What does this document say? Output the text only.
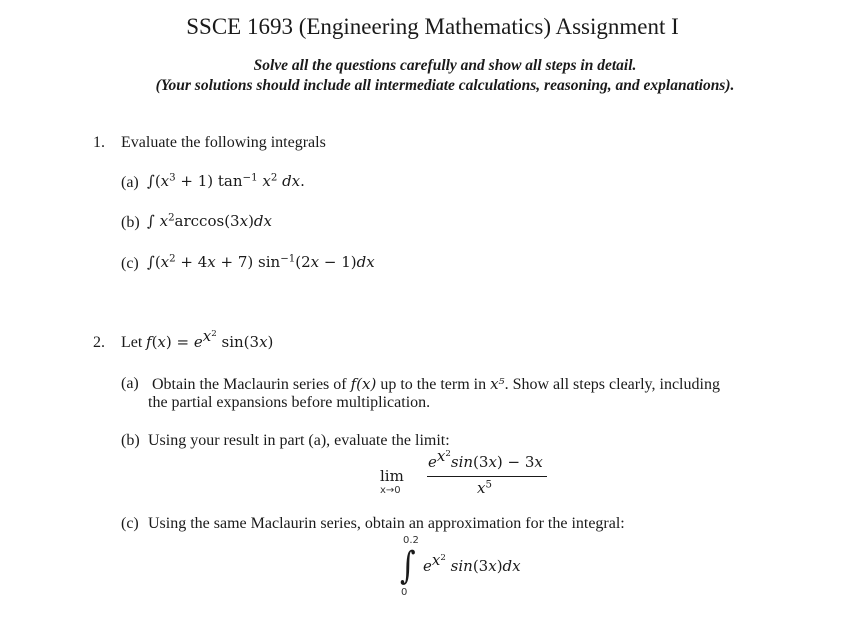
SSCE 1693 (Engineering Mathematics) Assignment I
Solve all the questions carefully and show all steps in detail.
(Your solutions should include all intermediate calculations, reasoning, and explanations).
1. Evaluate the following integrals
(a) $\int(x^3 + 1)$ $\tan^{-1} x^2$ dx.
(b) ∫ $x^2\arccos(3x)dx$
(c) $\int(x^2 + 4x + 7) \sin^{-1}(2x - 1)dx$
2. Let $f(x) = e^{x^2}$ sin(3x)
(a) Obtain the Maclaurin series of f(x) up to the term in x⁵. Show all steps clearly, including
the partial expansions before multiplication.
(b) Using your result in part (a), evaluate the limit:
lim
x→0
$e^{x^2}\sin(3x) - 3x$
$x^5$
(c) Using the same Maclaurin series, obtain an approximation for the integral:
0.2
∫
0
$e^{x^2}$ sin(3x)dx
